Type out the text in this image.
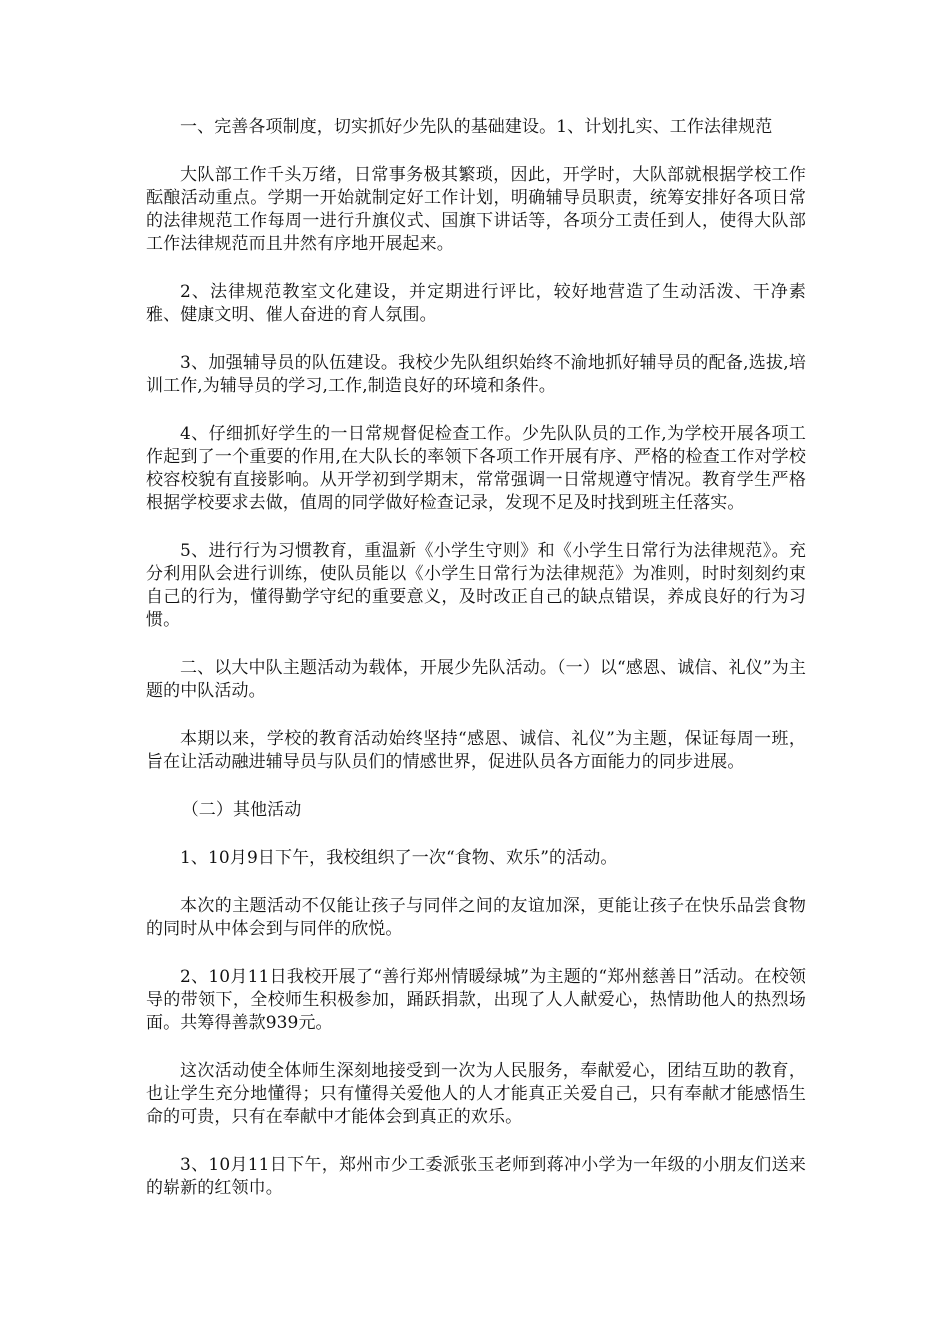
一、完善各项制度，切实抓好少先队的基础建设。1、计划扎实、工作法律规范

大队部工作千头万绪，日常事务极其繁琐，因此，开学时，大队部就根据学校工作酝酿活动重点。学期一开始就制定好工作计划，明确辅导员职责，统筹安排好各项日常的法律规范工作每周一进行升旗仪式、国旗下讲话等，各项分工责任到人，使得大队部工作法律规范而且井然有序地开展起来。

2、法律规范教室文化建设，并定期进行评比，较好地营造了生动活泼、干净素雅、健康文明、催人奋进的育人氛围。

3、加强辅导员的队伍建设。我校少先队组织始终不渝地抓好辅导员的配备,选拔,培训工作,为辅导员的学习,工作,制造良好的环境和条件。

4、仔细抓好学生的一日常规督促检查工作。少先队队员的工作,为学校开展各项工作起到了一个重要的作用,在大队长的率领下各项工作开展有序、严格的检查工作对学校校容校貌有直接影响。从开学初到学期末，常常强调一日常规遵守情况。教育学生严格根据学校要求去做，值周的同学做好检查记录，发现不足及时找到班主任落实。

5、进行行为习惯教育，重温新《小学生守则》和《小学生日常行为法律规范》。充分利用队会进行训练，使队员能以《小学生日常行为法律规范》为准则，时时刻刻约束自己的行为，懂得勤学守纪的重要意义，及时改正自己的缺点错误，养成良好的行为习惯。

二、以大中队主题活动为载体，开展少先队活动。（一）以“感恩、诚信、礼仪”为主题的中队活动。

本期以来，学校的教育活动始终坚持“感恩、诚信、礼仪”为主题，保证每周一班，旨在让活动融进辅导员与队员们的情感世界，促进队员各方面能力的同步进展。

（二）其他活动

1、10月9日下午，我校组织了一次“食物、欢乐”的活动。

本次的主题活动不仅能让孩子与同伴之间的友谊加深，更能让孩子在快乐品尝食物的同时从中体会到与同伴的欣悦。

2、10月11日我校开展了“善行郑州情暖绿城”为主题的“郑州慈善日”活动。在校领导的带领下，全校师生积极参加，踊跃捐款，出现了人人献爱心，热情助他人的热烈场面。共筹得善款939元。

这次活动使全体师生深刻地接受到一次为人民服务，奉献爱心，团结互助的教育，也让学生充分地懂得；只有懂得关爱他人的人才能真正关爱自己，只有奉献才能感悟生命的可贵，只有在奉献中才能体会到真正的欢乐。

3、10月11日下午，郑州市少工委派张玉老师到蒋冲小学为一年级的小朋友们送来的崭新的红领巾。
